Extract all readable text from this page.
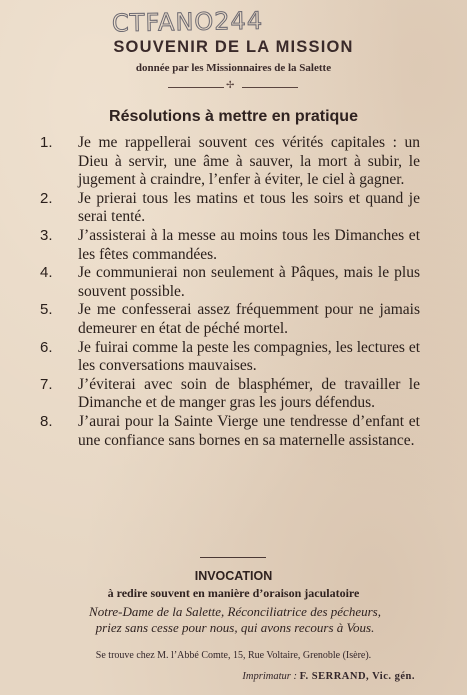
CTFANO244
SOUVENIR DE LA MISSION
donnée par les Missionnaires de la Salette
✢
Résolutions à mettre en pratique
1.	Je me rappellerai souvent ces vérités capitales : un Dieu à servir, une âme à sauver, la mort à subir, le jugement à craindre, l’enfer à éviter, le ciel à gagner.
2.	Je prierai tous les matins et tous les soirs et quand je serai tenté.
3.	J’assisterai à la messe au moins tous les Dimanches et les fêtes commandées.
4.	Je communierai non seulement à Pâques, mais le plus souvent possible.
5.	Je me confesserai assez fréquemment pour ne jamais demeurer en état de péché mortel.
6.	Je fuirai comme la peste les compagnies, les lectures et les conversations mauvaises.
7.	J’éviterai avec soin de blasphémer, de travailler le Dimanche et de manger gras les jours défendus.
8.	J’aurai pour la Sainte Vierge une tendresse d’enfant et une confiance sans bornes en sa maternelle assistance.
INVOCATION
à redire souvent en manière d’oraison jaculatoire
Notre-Dame de la Salette, Réconciliatrice des pécheurs,
priez sans cesse pour nous, qui avons recours à Vous.
Se trouve chez M. l’Abbé Comte, 15, Rue Voltaire, Grenoble (Isère).
Imprimatur : F. SERRAND, Vic. gén.
